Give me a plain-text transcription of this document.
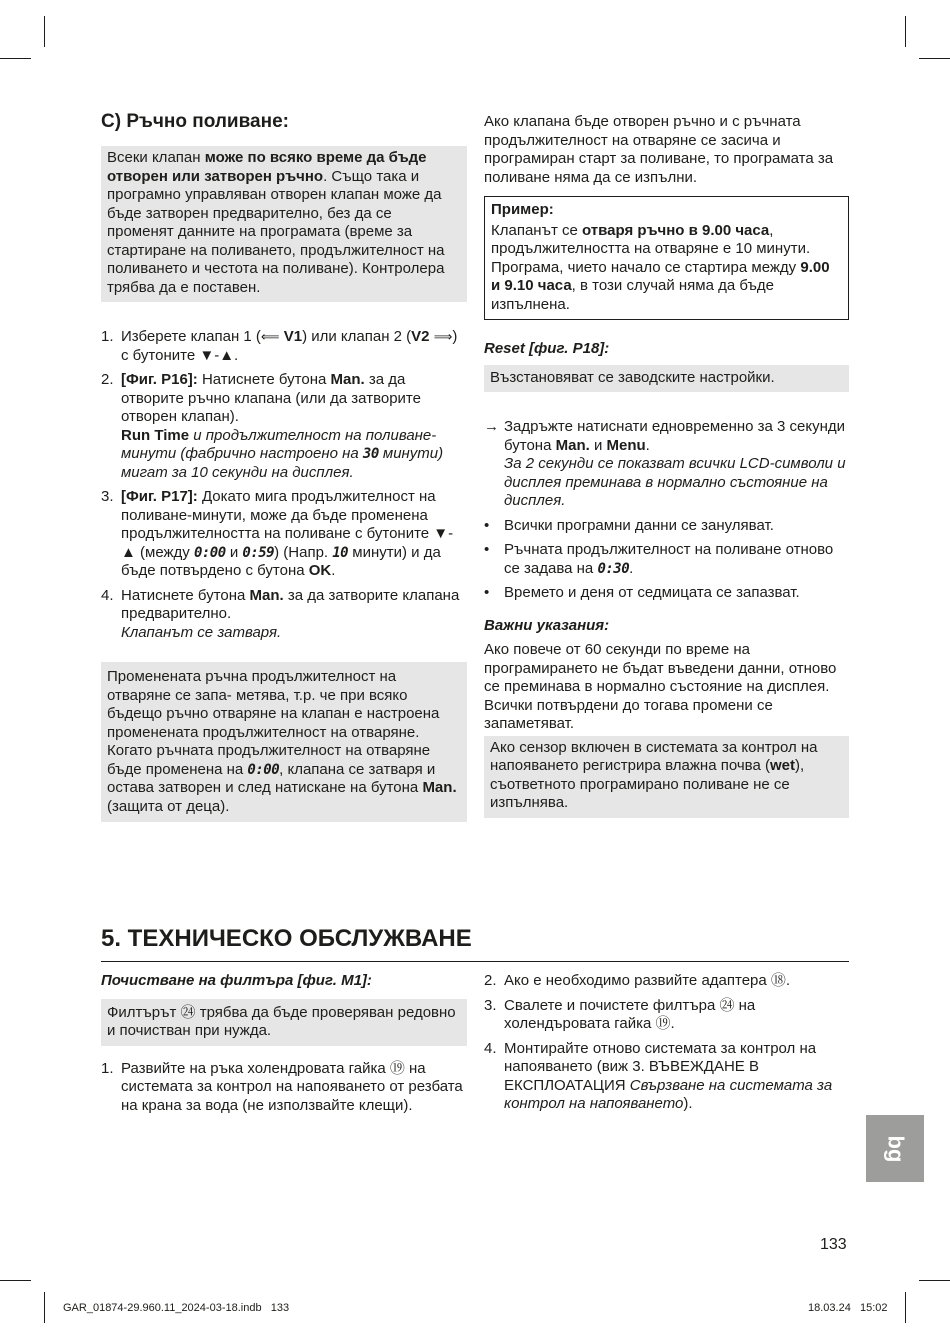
C) Ръчно поливане:
Всеки клапан може по всяко време да бъде отворен или затворен ръчно. Също така и програмно управляван отворен клапан може да бъде затворен предварително, без да се променят данните на програмата (време за стартиране на поливането, продължителност на поливането и честота на поливане). Контролера трябва да е поставен.
1. Изберете клапан 1 (⟸ V1) или клапан 2 (V2 ⟹) с бутоните ▼-▲.
2. [Фиг. P16]: Натиснете бутона Man. за да отворите ръчно клапана (или да затворите отворен клапан).
Run Time и продължителност на поливане-минути (фабрично настроено на 30 минути) мигат за 10 секунди на дисплея.
3. [Фиг. P17]: Докато мига продължителност на поливане-минути, може да бъде променена продължителността на поливане с бутоните ▼-▲ (между 0:00 и 0:59) (Напр. 10 минути) и да бъде потвърдено с бутона OK.
4. Натиснете бутона Man. за да затворите клапана предварително.
Клапанът се затваря.
Променената ръчна продължителност на отваряне се запа- метява, т.р. че при всяко бъдещо ръчно отваряне на клапан е настроена променената продължителност на отваряне. Когато ръчната продължителност на отваряне бъде променена на 0:00, клапана се затваря и остава затворен и след натискане на бутона Man. (защита от деца).

Ако клапана бъде отворен ръчно и с ръчната продължителност на отваряне се засича и програмиран старт за поливане, то програмата за поливане няма да се изпълни.

Пример:
Клапанът се отваря ръчно в 9.00 часа, продължителността на отваряне е 10 минути. Програма, чието начало се стартира между 9.00 и 9.10 часа, в този случай няма да бъде изпълнена.
Reset [фиг. P18]:
Възстановяват се заводските настройки.
→ Задръжте натиснати едновременно за 3 секунди бутона Man. и Menu.
За 2 секунди се показват всички LCD-символи и дисплея преминава в нормално състояние на дисплея.
• Всички програмни данни се зануляват.
• Ръчната продължителност на поливане отново се задава на 0:30.
• Времето и деня от седмицата се запазват.
Важни указания:

Ако повече от 60 секунди по време на програмирането не бъдат въведени данни, отново се преминава в нормално състояние на дисплея. Всички потвърдени до тогава промени се запаметяват.

Ако сензор включен в системата за контрол на напояването регистрира влажна почва (wet), съответното програмирано поливане не се изпълнява.
5. ТЕХНИЧЕСКО ОБСЛУЖВАНЕ
Почистване на филтъра [фиг. M1]:
Филтърът ㉔ трябва да бъде проверяван редовно и почистван при нужда.
1. Развийте на ръка холендровата гайка ⑲ на системата за контрол на напояването от резбата на крана за вода (не използвайте клещи).
2. Ако е необходимо развийте адаптера ⑱.
3. Свалете и почистете филтъра ㉔ на холендъровата гайка ⑲.
4. Монтирайте отново системата за контрол на напояването (виж 3. ВЪВЕЖДАНЕ В ЕКСПЛОАТАЦИЯ Свързване на системата за контрол на напояването).
bg
133
GAR_01874-29.960.11_2024-03-18.indb   133	18.03.24   15:02
